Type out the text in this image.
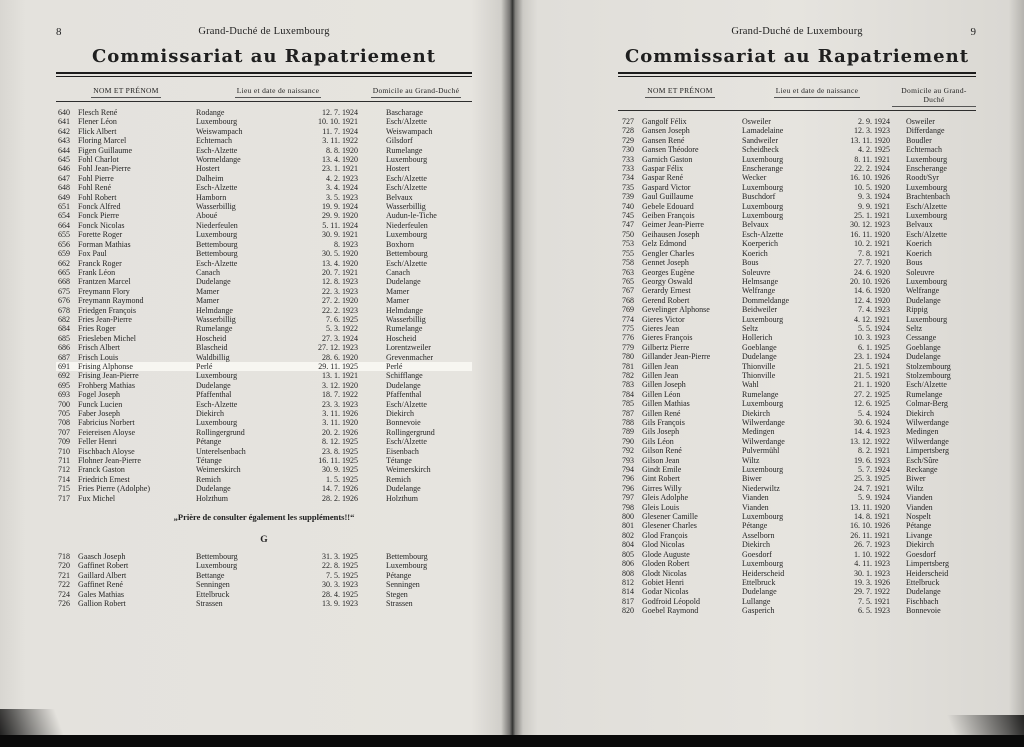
8	Grand-Duché de Luxembourg
Commissariat au Rapatriement
NOM ET PRÉNOM	Lieu et date de naissance	Domicile au Grand-Duché
640	Flesch René	Rodange	12. 7. 1924	Bascharage
641	Flener Léon	Luxembourg	10. 10. 1921	Esch/Alzette
642	Flick Albert	Weiswampach	11. 7. 1924	Weiswampach
643	Floring Marcel	Echternach	3. 11. 1922	Gilsdorf
644	Figen Guillaume	Esch-Alzette	8. 8. 1920	Rumelange
645	Fohl Charlot	Wormeldange	13. 4. 1920	Luxembourg
646	Fohl Jean-Pierre	Hostert	23. 1. 1921	Hostert
647	Fohl Pierre	Dalheim	4. 2. 1923	Esch/Alzette
648	Fohl René	Esch-Alzette	3. 4. 1924	Esch/Alzette
649	Fohl Robert	Hamborn	3. 5. 1923	Belvaux
651	Fonck Alfred	Wasserbillig	19. 9. 1924	Wasserbillig
654	Fonck Pierre	Aboué	29. 9. 1920	Audun-le-Tiche
664	Fonck Nicolas	Niederfeulen	5. 11. 1924	Niederfeulen
655	Forette Roger	Luxembourg	30. 9. 1921	Luxembourg
656	Forman Mathias	Bettembourg	8. 1923	Boxhorn
659	Fox Paul	Bettembourg	30. 5. 1920	Bettembourg
662	Franck Roger	Esch-Alzette	13. 4. 1920	Esch/Alzette
665	Frank Léon	Canach	20. 7. 1921	Canach
668	Frantzen Marcel	Dudelange	12. 8. 1923	Dudelange
675	Freymann Flory	Mamer	22. 3. 1923	Mamer
676	Freymann Raymond	Mamer	27. 2. 1920	Mamer
678	Friedgen François	Helmdange	22. 2. 1923	Helmdange
682	Fries Jean-Pierre	Wasserbillig	7. 6. 1925	Wasserbillig
684	Fries Roger	Rumelange	5. 3. 1922	Rumelange
685	Friesleben Michel	Hoscheid	27. 3. 1924	Hoscheid
686	Frisch Albert	Blascheid	27. 12. 1923	Lorentzweiler
687	Frisch Louis	Waldbillig	28. 6. 1920	Grevenmacher
691	Frising Alphonse	Perlé	29. 11. 1925	Perlé
692	Frising Jean-Pierre	Luxembourg	13. 1. 1921	Schifflange
695	Frohberg Mathias	Dudelange	3. 12. 1920	Dudelange
693	Fogel Joseph	Pfaffenthal	18. 7. 1922	Pfaffenthal
700	Funck Lucien	Esch-Alzette	23. 3. 1923	Esch/Alzette
705	Faber Joseph	Diekirch	3. 11. 1926	Diekirch
708	Fabricius Norbert	Luxembourg	3. 11. 1920	Bonnevoie
707	Feiereisen Aloyse	Rollingergrund	20. 2. 1926	Rollingergrund
709	Feller Henri	Pétange	8. 12. 1925	Esch/Alzette
710	Fischbach Aloyse	Unterelsenbach	23. 8. 1925	Eisenbach
711	Flohner Jean-Pierre	Tétange	16. 11. 1925	Tétange
712	Franck Gaston	Weimerskirch	30. 9. 1925	Weimerskirch
714	Friedrich Ernest	Remich	1. 5. 1925	Remich
715	Fries Pierre (Adolphe)	Dudelange	14. 7. 1926	Dudelange
717	Fux Michel	Holzthum	28. 2. 1926	Holzthum
„Prière de consulter également les suppléments!!“
G
718	Gaasch Joseph	Bettembourg	31. 3. 1925	Bettembourg
720	Gaffinet Robert	Luxembourg	22. 8. 1925	Luxembourg
721	Gaillard Albert	Bettange	7. 5. 1925	Pétange
722	Gaffinet René	Senningen	30. 3. 1923	Senningen
724	Gales Mathias	Ettelbruck	28. 4. 1925	Stegen
726	Gallion Robert	Strassen	13. 9. 1923	Strassen
Grand-Duché de Luxembourg	9
Commissariat au Rapatriement
NOM ET PRÉNOM	Lieu et date de naissance	Domicile au Grand-Duché
727	Gangolf Félix	Osweiler	2. 9. 1924	Osweiler
728	Gansen Joseph	Lamadelaine	12. 3. 1923	Differdange
729	Gansen René	Sandweiler	13. 11. 1920	Boudler
730	Gansen Théodore	Scheidheck	4. 2. 1925	Echternach
733	Garnich Gaston	Luxembourg	8. 11. 1921	Luxembourg
733	Gaspar Félix	Enscherange	22. 2. 1924	Enscherange
734	Gaspar René	Wecker	16. 10. 1926	Roodt/Syr
735	Gaspard Victor	Luxembourg	10. 5. 1920	Luxembourg
739	Gaul Guillaume	Buschdorf	9. 3. 1924	Brachtenbach
740	Gebele Edouard	Luxembourg	9. 9. 1921	Esch/Alzette
745	Geiben François	Luxembourg	25. 1. 1921	Luxembourg
747	Geimer Jean-Pierre	Belvaux	30. 12. 1923	Belvaux
750	Geihausen Joseph	Esch-Alzette	16. 11. 1920	Esch/Alzette
753	Gelz Edmond	Koerperich	10. 2. 1921	Koerich
755	Gengler Charles	Koerich	7. 8. 1921	Koerich
758	Gennet Joseph	Bous	27. 7. 1920	Bous
763	Georges Eugène	Soleuvre	24. 6. 1920	Soleuvre
765	Georgy Oswald	Helmsange	20. 10. 1926	Luxembourg
767	Gerardy Ernest	Welfrange	14. 6. 1920	Welfrange
768	Gerend Robert	Dommeldange	12. 4. 1920	Dudelange
769	Gevelinger Alphonse	Beidweiler	7. 4. 1923	Rippig
774	Gieres Victor	Luxembourg	4. 12. 1921	Luxembourg
775	Gieres Jean	Seltz	5. 5. 1924	Seltz
776	Gieres François	Hollerich	10. 3. 1923	Cessange
779	Gilbertz Pierre	Goeblange	6. 1. 1925	Goeblange
780	Gillander Jean-Pierre	Dudelange	23. 1. 1924	Dudelange
781	Gillen Jean	Thionville	21. 5. 1921	Stolzembourg
782	Gillen Jean	Thionville	21. 5. 1921	Stolzembourg
783	Gillen Joseph	Wahl	21. 1. 1920	Esch/Alzette
784	Gillen Léon	Rumelange	27. 2. 1925	Rumelange
785	Gillen Mathias	Luxembourg	12. 6. 1925	Colmar-Berg
787	Gillen René	Diekirch	5. 4. 1924	Diekirch
788	Gils François	Wilwerdange	30. 6. 1924	Wilwerdange
789	Gils Joseph	Medingen	14. 4. 1923	Medingen
790	Gils Léon	Wilwerdange	13. 12. 1922	Wilwerdange
792	Gilson René	Pulvermühl	8. 2. 1921	Limpertsberg
793	Gilson Jean	Wiltz	19. 6. 1923	Esch/Sûre
794	Gindt Emile	Luxembourg	5. 7. 1924	Reckange
796	Gint Robert	Biwer	25. 3. 1925	Biwer
796	Girres Willy	Niederwiltz	24. 7. 1921	Wiltz
797	Gleis Adolphe	Vianden	5. 9. 1924	Vianden
798	Gleis Louis	Vianden	13. 11. 1920	Vianden
800	Glesener Camille	Luxembourg	14. 8. 1921	Nospelt
801	Glesener Charles	Pétange	16. 10. 1926	Pétange
802	Glod François	Asselborn	26. 11. 1921	Livange
804	Glod Nicolas	Diekirch	26. 7. 1923	Diekirch
805	Glode Auguste	Goesdorf	1. 10. 1922	Goesdorf
806	Gloden Robert	Luxembourg	4. 11. 1923	Limpertsberg
808	Glodt Nicolas	Heiderscheid	30. 1. 1923	Heiderscheid
812	Gobiet Henri	Ettelbruck	19. 3. 1926	Ettelbruck
814	Godar Nicolas	Dudelange	29. 7. 1922	Dudelange
817	Godfroid Léopold	Lullange	7. 5. 1921	Fischbach
820	Goebel Raymond	Gasperich	6. 5. 1923	Bonnevoie
